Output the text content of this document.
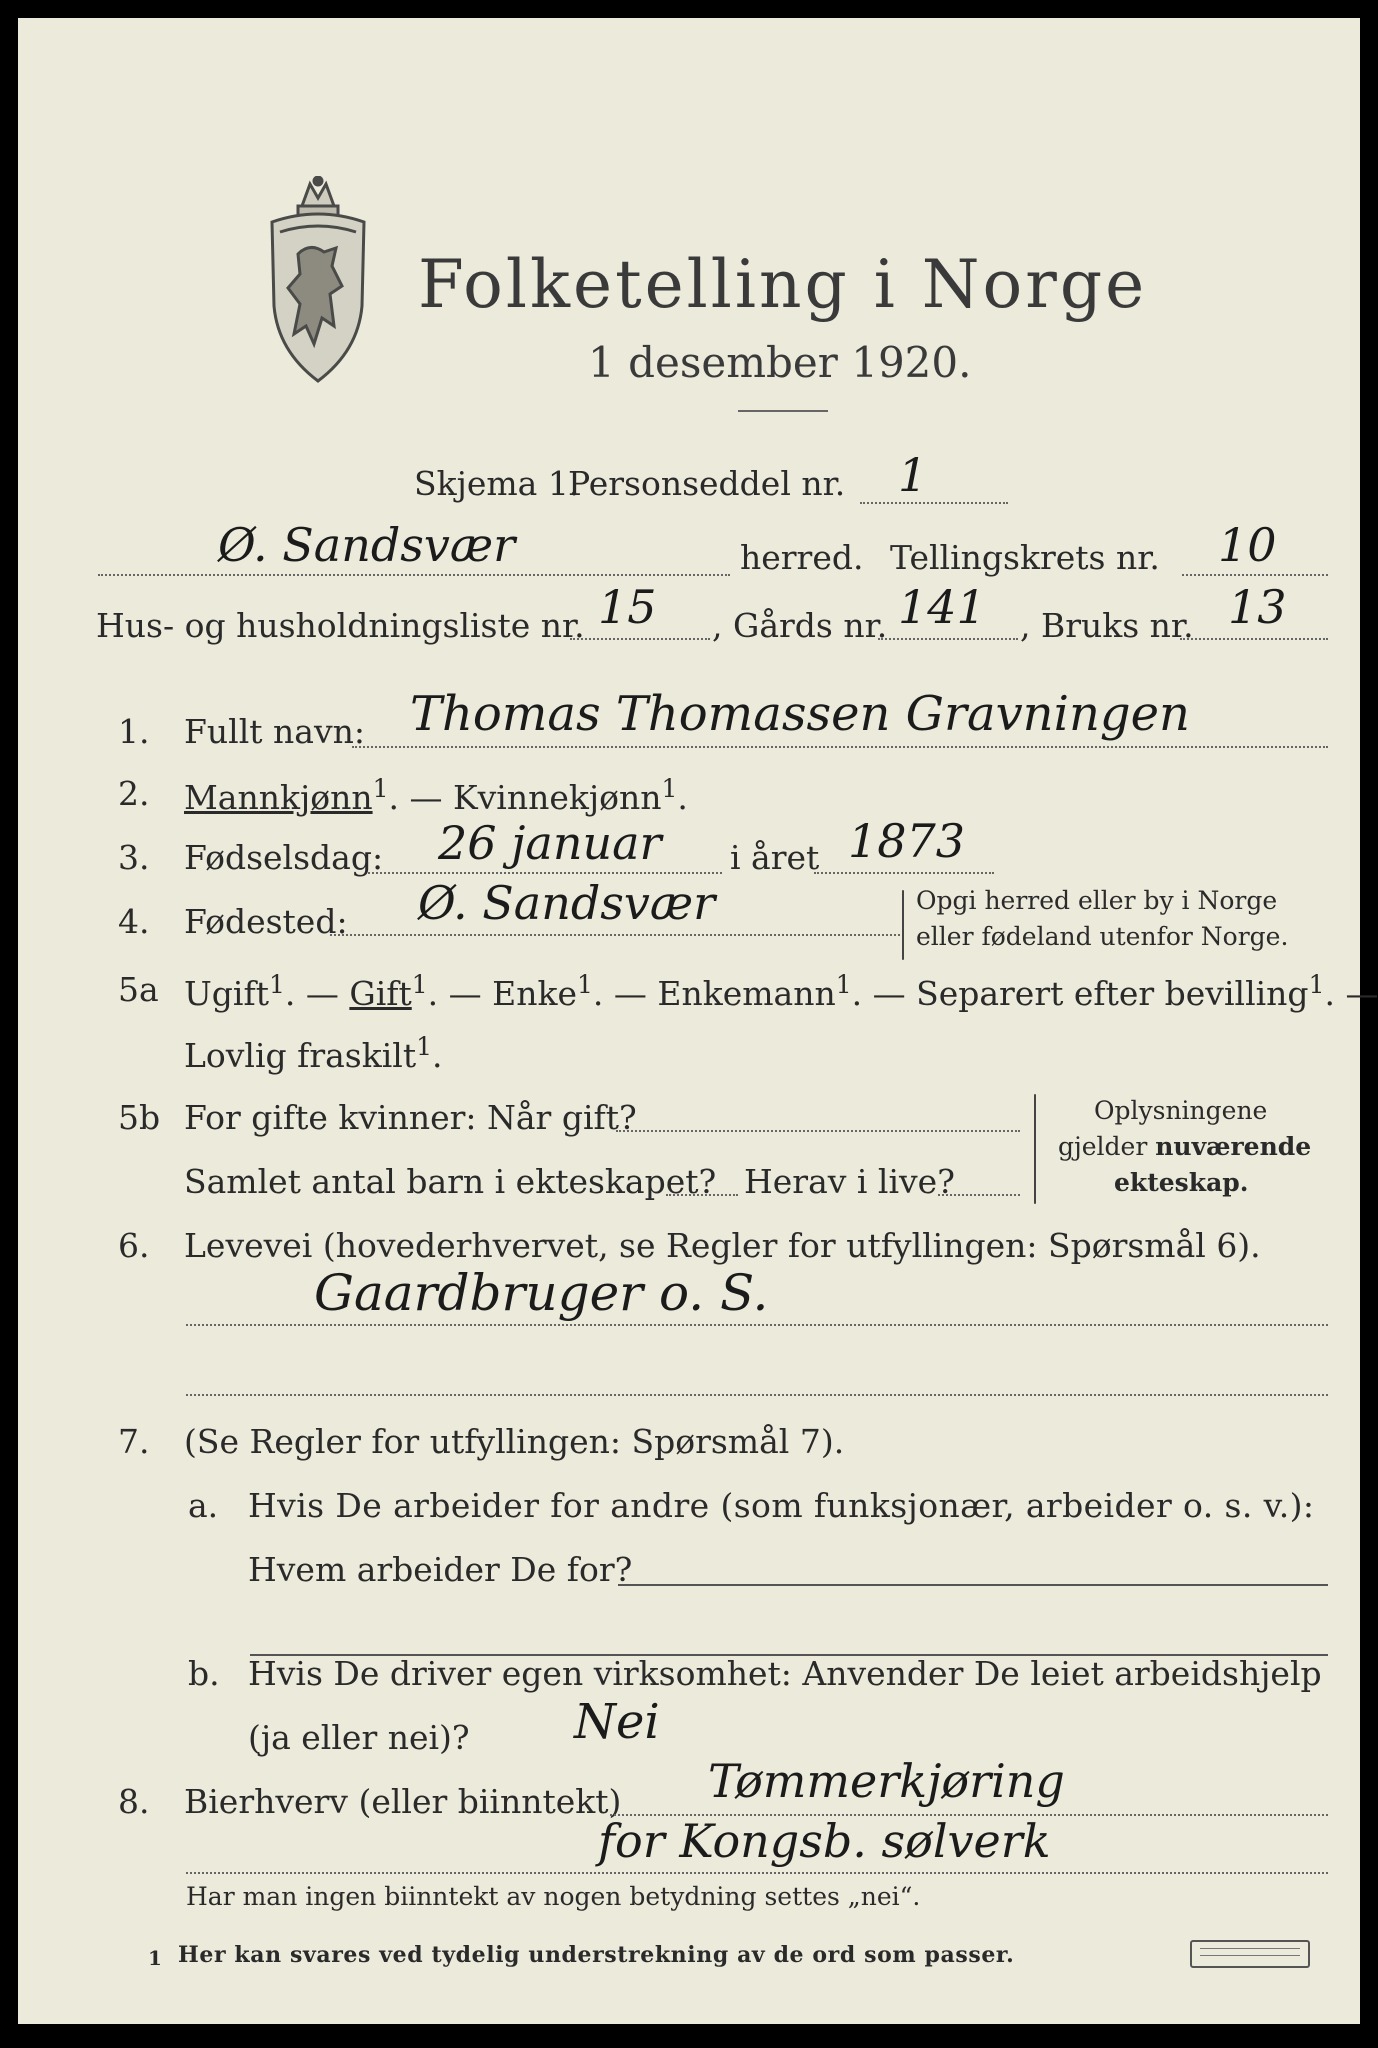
Folketelling i Norge
1 desember 1920.
Skjema 1.
Personseddel nr. 1
Ø. Sandsvær	herred. Tellingskrets nr. 10
Hus- og husholdningsliste nr. 15 , Gårds nr. 141 , Bruks nr. 13
1. Fullt navn: Thomas Thomassen Gravningen
2. Mannkjønn$^1$. — Kvinnekjønn$^1$.
3. Fødselsdag: 26 januar i året 1873
4. Fødested: Ø. Sandsvær	Opgi herred eller by i Norge
eller fødeland utenfor Norge.
5a Ugift$^1$. — Gift$^1$. — Enke$^1$. — Enkemann$^1$. — Separert efter bevilling$^1$. —
Lovlig fraskilt$^1$.
5b For gifte kvinner: Når gift?
Samlet antal barn i ekteskapet? Herav i live?
Oplysningene
gjelder nuværende
ekteskap.
6. Levevei (hovederhvervet, se Regler for utfyllingen: Spørsmål 6).
Gaardbruger o. S.
7. (Se Regler for utfyllingen: Spørsmål 7).
a. Hvis De arbeider for andre (som funksjonær, arbeider o. s. v.):
Hvem arbeider De for?
b. Hvis De driver egen virksomhet: Anvender De leiet arbeidshjelp
(ja eller nei)? Nei
8. Bierhverv (eller biinntekt) Tømmerkjøring
for Kongsb. sølverk
Har man ingen biinntekt av nogen betydning settes „nei“.
1 Her kan svares ved tydelig understrekning av de ord som passer.
